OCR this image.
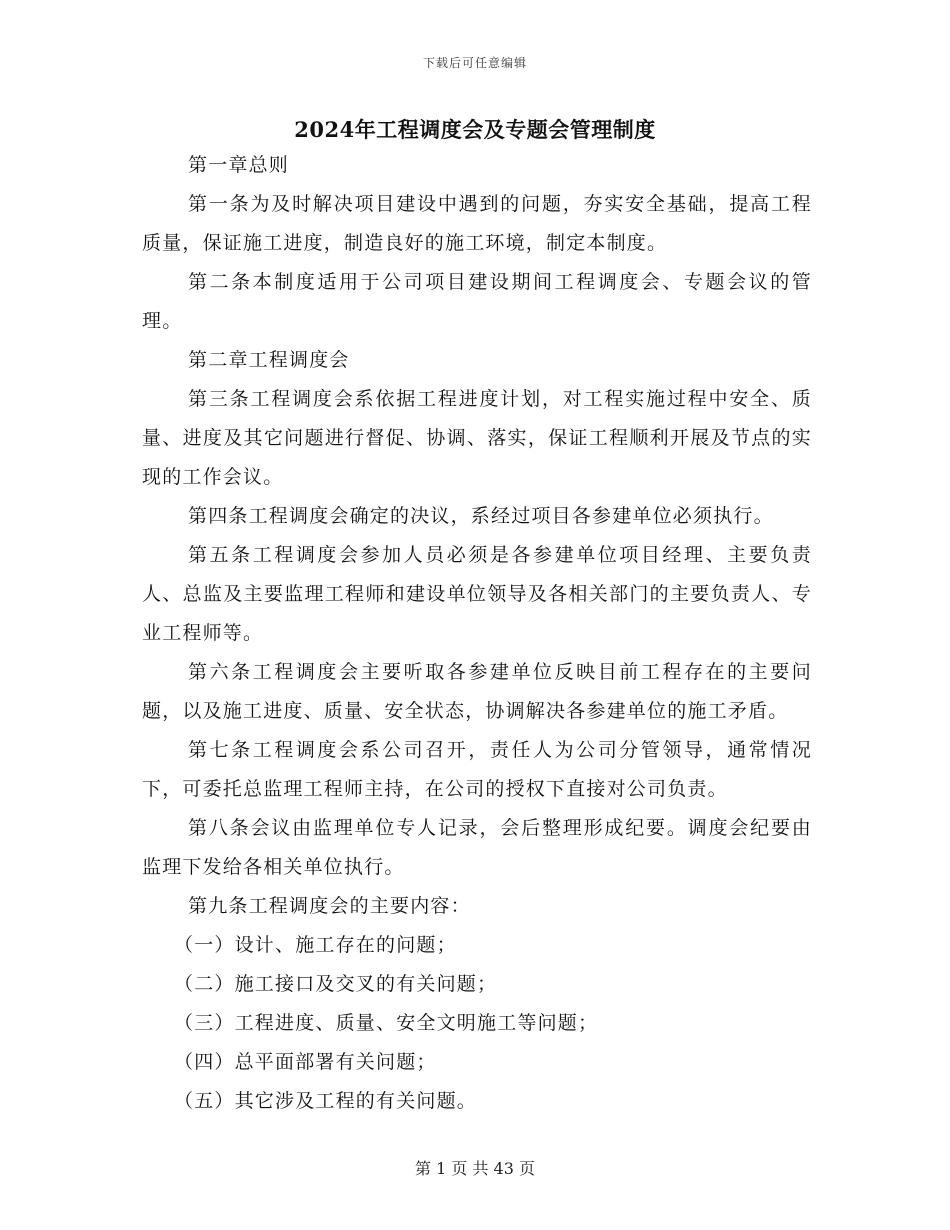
下载后可任意编辑
2024年工程调度会及专题会管理制度

第一章总则

第一条为及时解决项目建设中遇到的问题，夯实安全基础，提高工程质量，保证施工进度，制造良好的施工环境，制定本制度。

第二条本制度适用于公司项目建设期间工程调度会、专题会议的管理。

第二章工程调度会

第三条工程调度会系依据工程进度计划，对工程实施过程中安全、质量、进度及其它问题进行督促、协调、落实，保证工程顺利开展及节点的实现的工作会议。

第四条工程调度会确定的决议，系经过项目各参建单位必须执行。

第五条工程调度会参加人员必须是各参建单位项目经理、主要负责人、总监及主要监理工程师和建设单位领导及各相关部门的主要负责人、专业工程师等。

第六条工程调度会主要听取各参建单位反映目前工程存在的主要问题，以及施工进度、质量、安全状态，协调解决各参建单位的施工矛盾。

第七条工程调度会系公司召开，责任人为公司分管领导，通常情况下，可委托总监理工程师主持，在公司的授权下直接对公司负责。

第八条会议由监理单位专人记录，会后整理形成纪要。调度会纪要由监理下发给各相关单位执行。

第九条工程调度会的主要内容：

（一）设计、施工存在的问题；

（二）施工接口及交叉的有关问题；

（三）工程进度、质量、安全文明施工等问题；

（四）总平面部署有关问题；

（五）其它涉及工程的有关问题。

第 1 页 共 43 页
